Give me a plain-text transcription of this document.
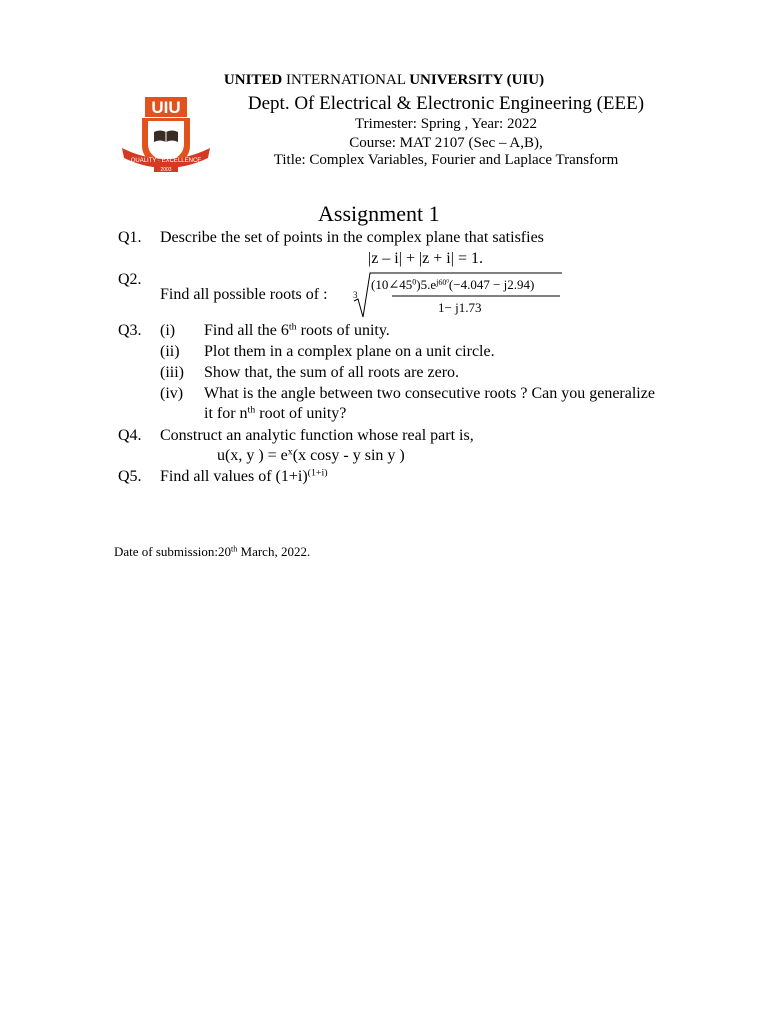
UIU
QUALITY · EXCELLENCE
2003
UNITED INTERNATIONAL UNIVERSITY (UIU)
Dept. Of Electrical & Electronic Engineering (EEE)
Trimester: Spring , Year: 2022
Course: MAT 2107 (Sec – A,B),
Title: Complex Variables, Fourier and Laplace Transform
Assignment 1
Q1. Describe the set of points in the complex plane that satisfies
|z – i| + |z + i| = 1.
Q2.
Find all possible roots of :	3
$(10\angle 45^0)5.e^{j60^0}(-4.047 - j2.94)$
1− j1.73
Q3. (i) Find all the 6th roots of unity.
(ii) Plot them in a complex plane on a unit circle.
(iii) Show that, the sum of all roots are zero.
(iv) What is the angle between two consecutive roots ? Can you generalize
it for $n^{th}$ root of unity?
Q4. Construct an analytic function whose real part is,
u(x, y ) = $e^x(x$ cosy - y sin y )
Q5. Find all values of $(1+i)^{(1+i)}$
Date of submission:20th March, 2022.
